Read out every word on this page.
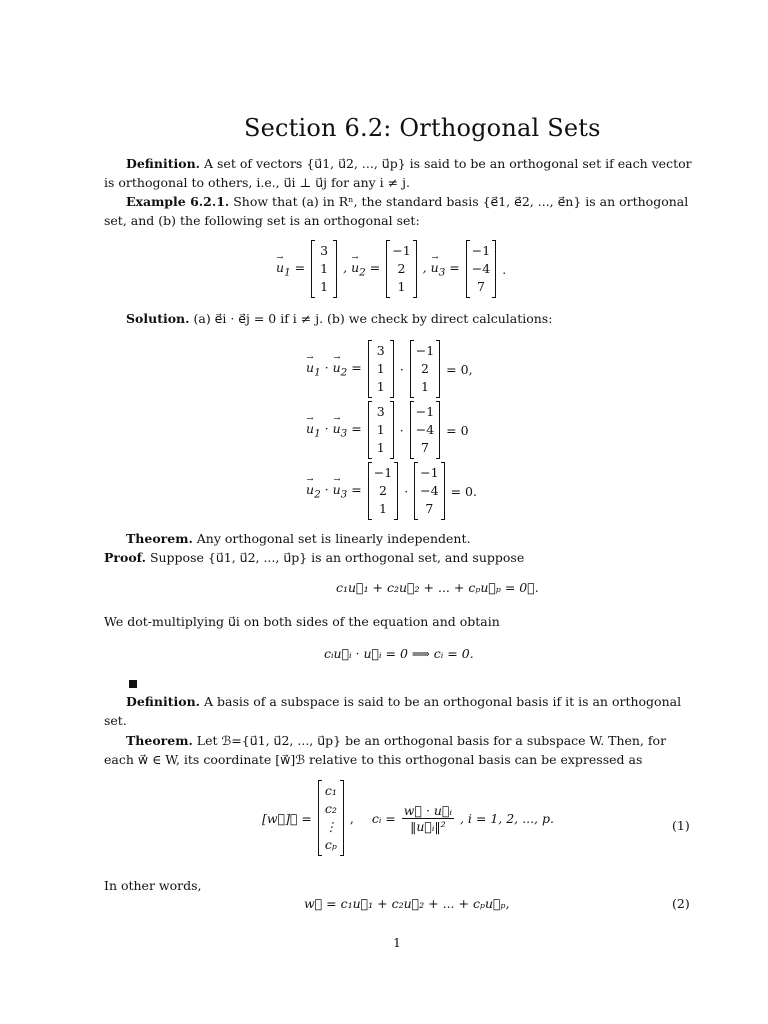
Section 6.2: Orthogonal Sets
Definition. A set of vectors {u⃗1, u⃗2, ..., u⃗p} is said to be an orthogonal set if each vector
is orthogonal to others, i.e., u⃗i ⊥ u⃗j for any i ≠ j.
Example 6.2.1. Show that (a) in Rⁿ, the standard basis {e⃗1, e⃗2, ..., e⃗n} is an orthogonal
set, and (b) the following set is an orthogonal set:
→ $u_1$ =
3
1
1
, → $u_2$ =
−1
2
1
, → $u_3$ =
−1
−4
7
.
Solution. (a) e⃗i · e⃗j = 0 if i ≠ j. (b) we check by direct calculations:
→ $u_1$ · → $u_2$ =
3
1
1
·
−1
2
1
= 0,
→ $u_1$ · → $u_3$ =
3
1
1
·
−1
−4
7
= 0
→ $u_2$ · → $u_3$ =
−1
2
1
·
−1
−4
7
= 0.
Theorem. Any orthogonal set is linearly independent.
Proof. Suppose {u⃗1, u⃗2, ..., u⃗p} is an orthogonal set, and suppose
c₁u⃗₁ + c₂u⃗₂ + ... + cₚu⃗ₚ = 0⃗.
We dot-multiplying u⃗i on both sides of the equation and obtain
cᵢu⃗ᵢ · u⃗ᵢ = 0 ⟹ cᵢ = 0.
Definition. A basis of a subspace is said to be an orthogonal basis if it is an orthogonal
set.
Theorem. Let ℬ={u⃗1, u⃗2, ..., u⃗p} be an orthogonal basis for a subspace W. Then, for
each w⃗ ∈ W, its coordinate [w⃗]ℬ relative to this orthogonal basis can be expressed as
[w⃗]ℬ =
c₁
c₂
⋮
cₚ
, cᵢ = $\frac{\text{w⃗ · u⃗ᵢ}}{\text{‖u⃗ᵢ‖²}}$ , i = 1, 2, ..., p.	(1)
In other words,
w⃗ = c₁u⃗₁ + c₂u⃗₂ + ... + cₚu⃗ₚ,	(2)
1
